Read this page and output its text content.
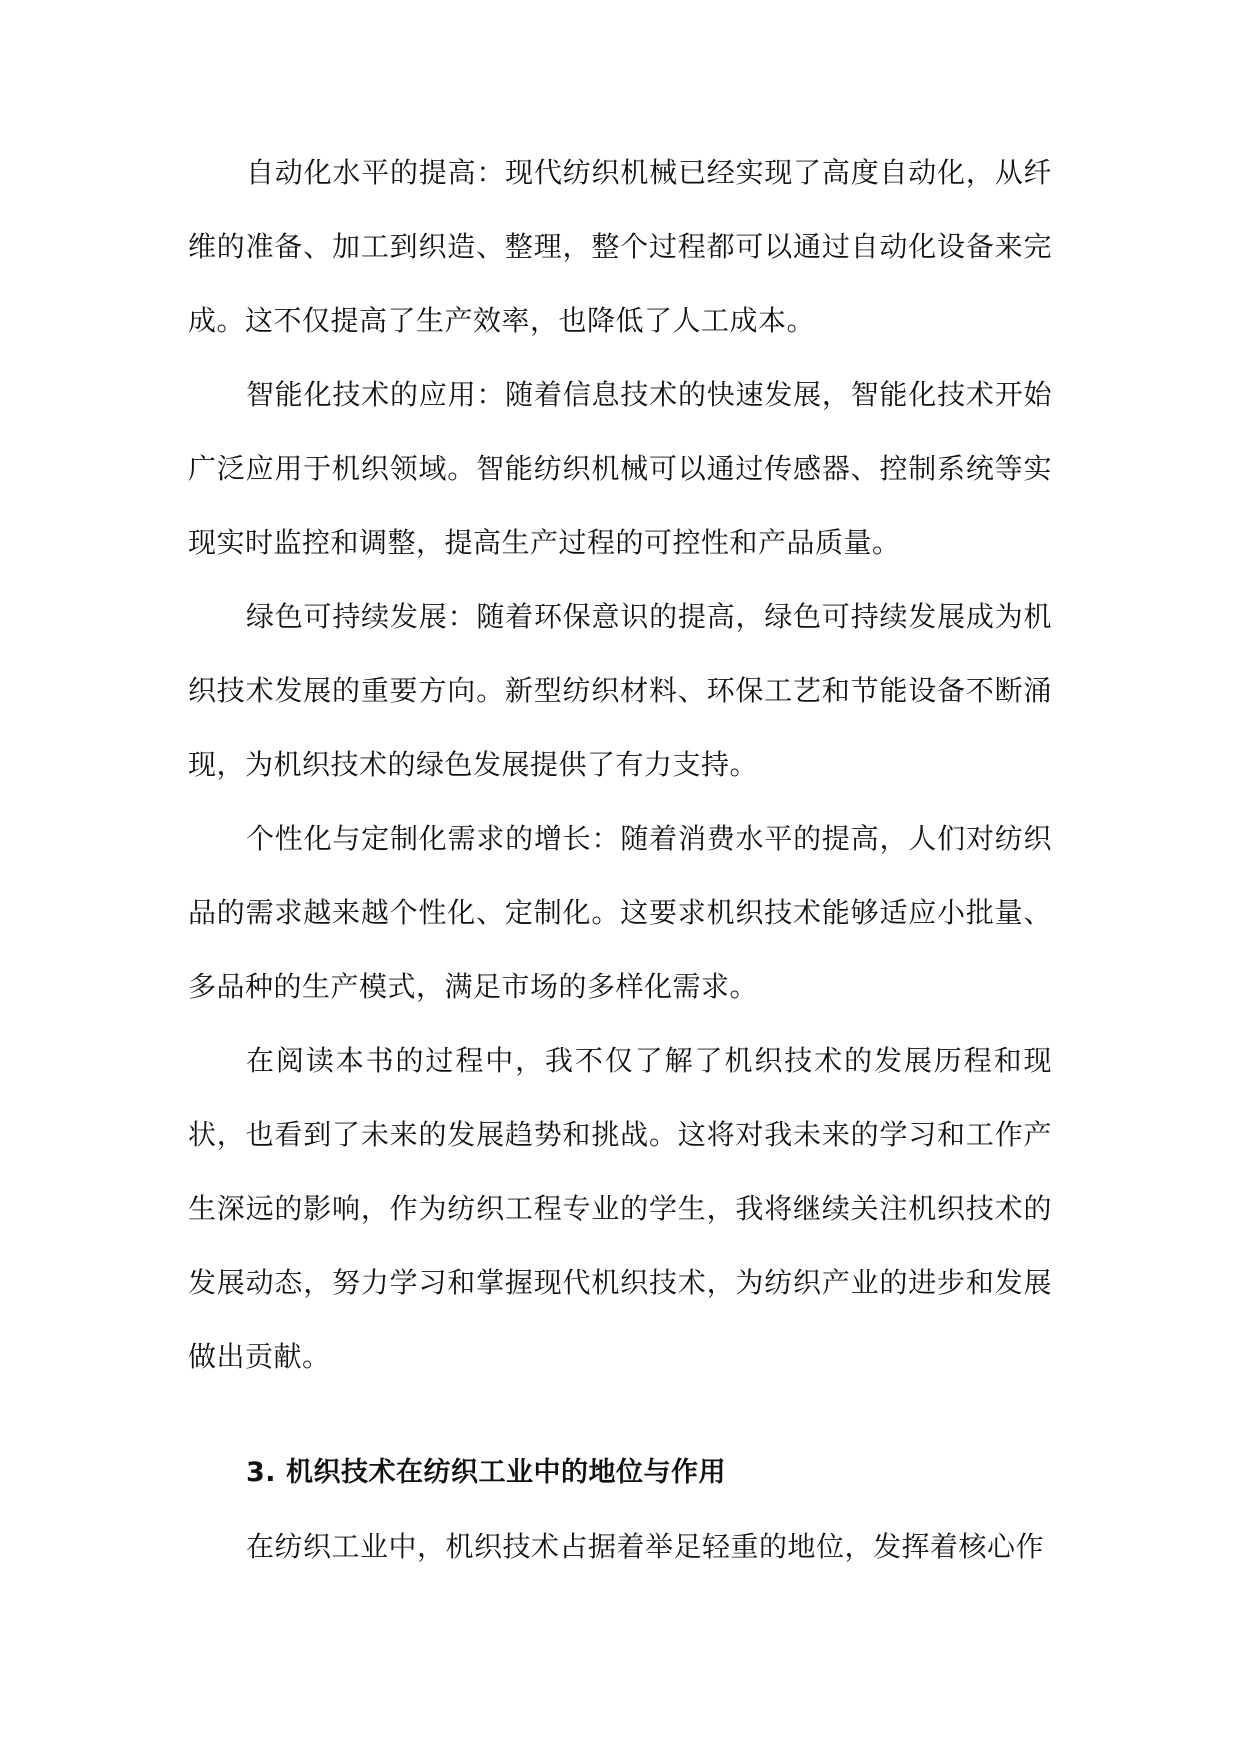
自动化水平的提高：现代纺织机械已经实现了高度自动化，从纤维的准备、加工到织造、整理，整个过程都可以通过自动化设备来完成。这不仅提高了生产效率，也降低了人工成本。

智能化技术的应用：随着信息技术的快速发展，智能化技术开始广泛应用于机织领域。智能纺织机械可以通过传感器、控制系统等实现实时监控和调整，提高生产过程的可控性和产品质量。

绿色可持续发展：随着环保意识的提高，绿色可持续发展成为机织技术发展的重要方向。新型纺织材料、环保工艺和节能设备不断涌现，为机织技术的绿色发展提供了有力支持。

个性化与定制化需求的增长：随着消费水平的提高，人们对纺织品的需求越来越个性化、定制化。这要求机织技术能够适应小批量、多品种的生产模式，满足市场的多样化需求。

在阅读本书的过程中，我不仅了解了机织技术的发展历程和现状，也看到了未来的发展趋势和挑战。这将对我未来的学习和工作产生深远的影响，作为纺织工程专业的学生，我将继续关注机织技术的发展动态，努力学习和掌握现代机织技术，为纺织产业的进步和发展做出贡献。

3. 机织技术在纺织工业中的地位与作用

在纺织工业中，机织技术占据着举足轻重的地位，发挥着核心作
